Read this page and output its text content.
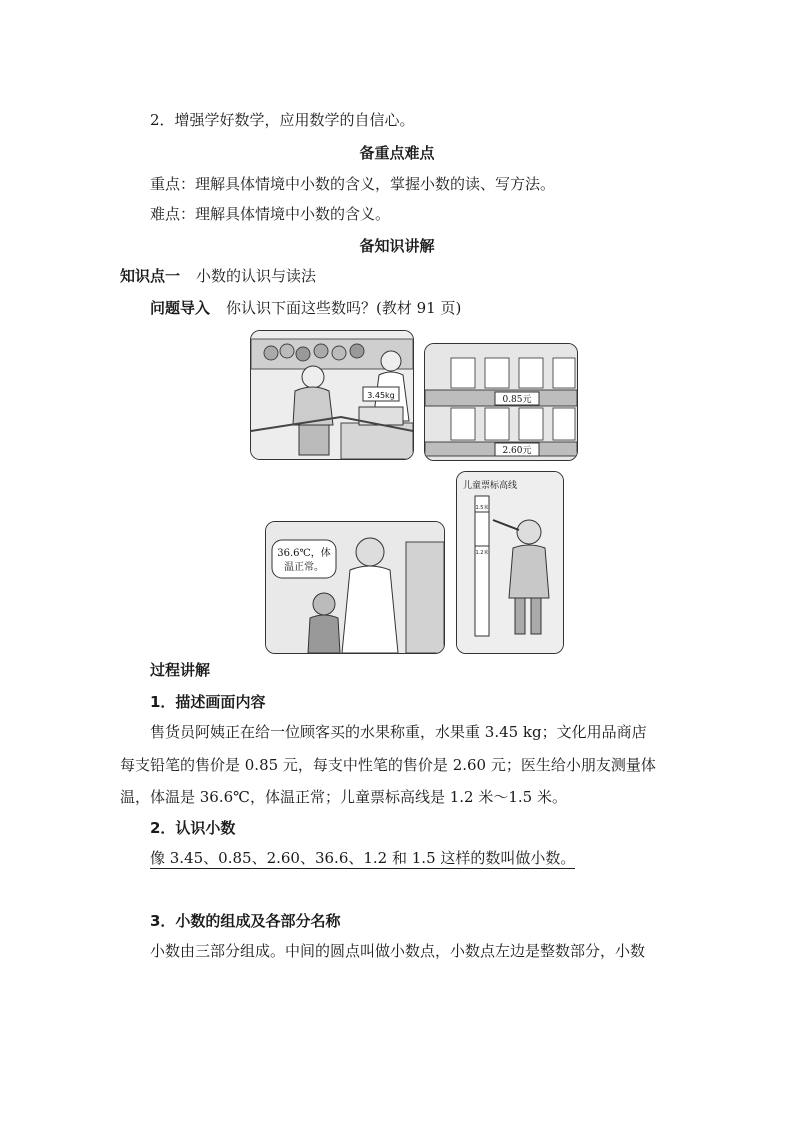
2．增强学好数学，应用数学的自信心。
备重点难点
重点：理解具体情境中小数的含义，掌握小数的读、写方法。
难点：理解具体情境中小数的含义。
备知识讲解
知识点一 小数的认识与读法
问题导入 你认识下面这些数吗？(教材 91 页)
3.45kg	0.85元
2.60元
儿童票标高线
1.5米
1.2米
36.6℃，体
温正常。
过程讲解
1．描述画面内容
售货员阿姨正在给一位顾客买的水果称重，水果重 3.45 kg；文化用品商店
每支铅笔的售价是 0.85 元，每支中性笔的售价是 2.60 元；医生给小朋友测量体
温，体温是 36.6℃，体温正常；儿童票标高线是 1.2 米～1.5 米。
2．认识小数
像 3.45、0.85、2.60、36.6、1.2 和 1.5 这样的数叫做小数。
3．小数的组成及各部分名称
小数由三部分组成。中间的圆点叫做小数点，小数点左边是整数部分，小数
